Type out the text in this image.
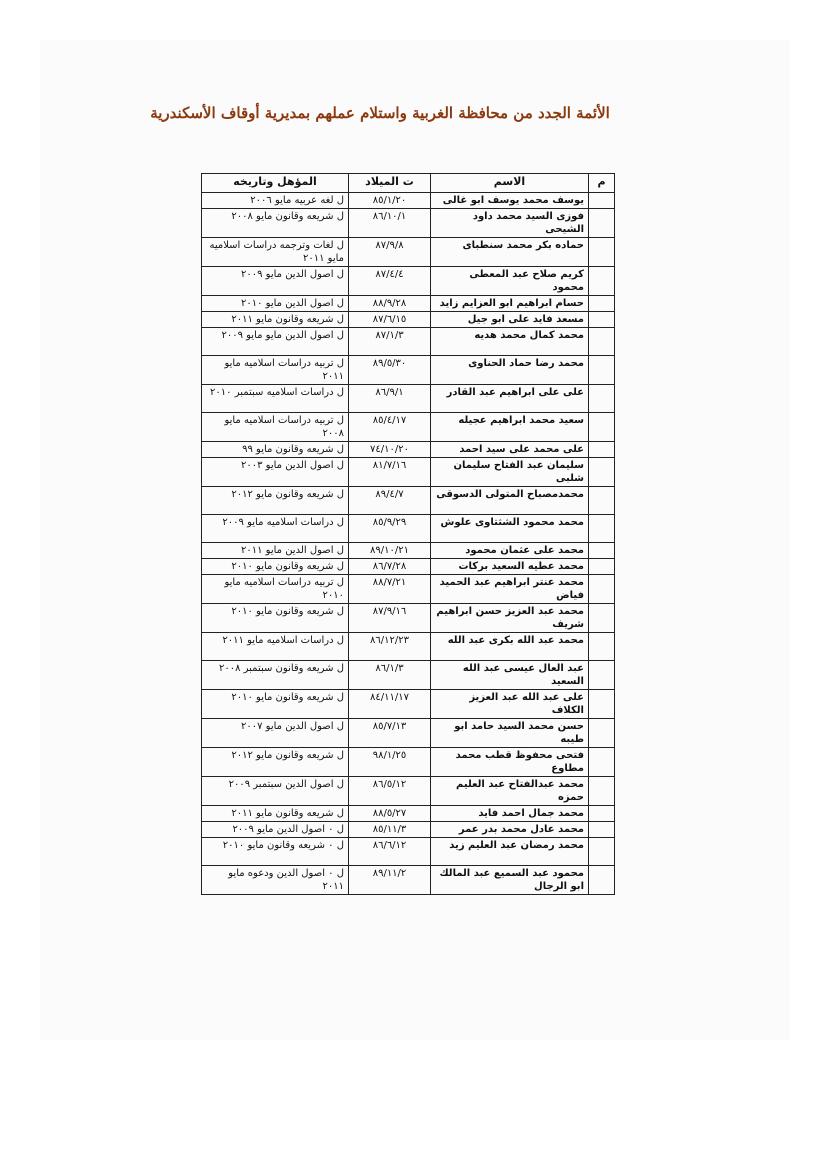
الأئمة الجدد من محافظة الغربية واستلام عملهم بمديرية أوقاف الأسكندرية
م	الاسم	ت الميلاد	المؤهل وتاريخه
	يوسف محمد يوسف ابو غالى	٨٥/١/٢٠	ل لغه عربيه مايو ٢٠٠٦
	فوزى السيد محمد داود الشيحى	٨٦/١٠/١	ل شريعه وقانون مايو ٢٠٠٨
	حماده بكر محمد سنطباى	٨٧/٩/٨	ل لغات وترجمه دراسات اسلاميه مايو ٢٠١١
	كريم صلاح عبد المعطى محمود	٨٧/٤/٤	ل اصول الدين مايو ٢٠٠٩
	حسام ابراهيم ابو العزايم زايد	٨٨/٩/٢٨	ل اصول الدين مايو ٢٠١٠
	مسعد فايد على ابو جيل	٨٧/٦/١٥	ل شريعه وقانون مايو ٢٠١١
	محمد كمال محمد هديه	٨٧/١/٣	ل اصول الدين مايو مايو ٢٠٠٩
	محمد رضا حماد الحناوى	٨٩/٥/٣٠	ل تربيه دراسات اسلاميه مايو ٢٠١١
	على على ابراهيم عبد القادر	٨٦/٩/١	ل دراسات اسلاميه سبتمبر ٢٠١٠
	سعيد محمد ابراهيم عجيله	٨٥/٤/١٧	ل تربيه دراسات اسلاميه مايو ٢٠٠٨
	على محمد على سيد احمد	٧٤/١٠/٢٠	ل شريعه وقانون مايو ٩٩
	سليمان عبد الفتاح سليمان شلبى	٨١/٧/١٦	ل اصول الدين مايو ٢٠٠٣
	محمدمصباح المتولى الدسوقى	٨٩/٤/٧	ل شريعه وقانون مايو ٢٠١٢
	محمد محمود الشثتاوى علوش	٨٥/٩/٢٩	ل دراسات اسلاميه مايو ٢٠٠٩
	محمد على عثمان محمود	٨٩/١٠/٢١	ل اصول الدين مايو ٢٠١١
	محمد عطيه السعيد بركات	٨٦/٧/٢٨	ل شريعه وقانون مايو ٢٠١٠
	محمد عنتر ابراهيم عبد الحميد فياض	٨٨/٧/٢١	ل تربيه دراسات اسلاميه مايو ٢٠١٠
	محمد عبد العزيز حسن ابراهيم شريف	٨٧/٩/١٦	ل شريعه وقانون مايو ٢٠١٠
	محمد عبد الله بكرى عبد الله	٨٦/١٢/٢٣	ل دراسات اسلاميه مايو ٢٠١١
	عبد العال عيسى عبد الله السعيد	٨٦/١/٣	ل شريعه وقانون سبتمبر ٢٠٠٨
	على عبد الله عبد العزيز الكلاف	٨٤/١١/١٧	ل شريعه وقانون مايو ٢٠١٠
	حسن محمد السيد حامد ابو طيبه	٨٥/٧/١٣	ل اصول الدين مايو ٢٠٠٧
	فتحى محفوظ قطب محمد مطاوع	٩٨/١/٢٥	ل شريعه وقانون مايو ٢٠١٢
	محمد عبدالفتاح عبد العليم حمزه	٨٦/٥/١٢	ل اصول الدين سبتمبر ٢٠٠٩
	محمد جمال احمد فايد	٨٨/٥/٢٧	ل شريعه وقانون مايو ٢٠١١
	محمد عادل محمد بدر عمر	٨٥/١١/٣	ل ٠ اصول الدين مايو ٢٠٠٩
	محمد رمضان عبد العليم زيد	٨٦/٦/١٢	ل ٠ شريعه وقانون مايو ٢٠١٠
	محمود عبد السميع عبد المالك ابو الرجال	٨٩/١١/٢	ل ٠ اصول الدين ودعوه مايو ٢٠١١
